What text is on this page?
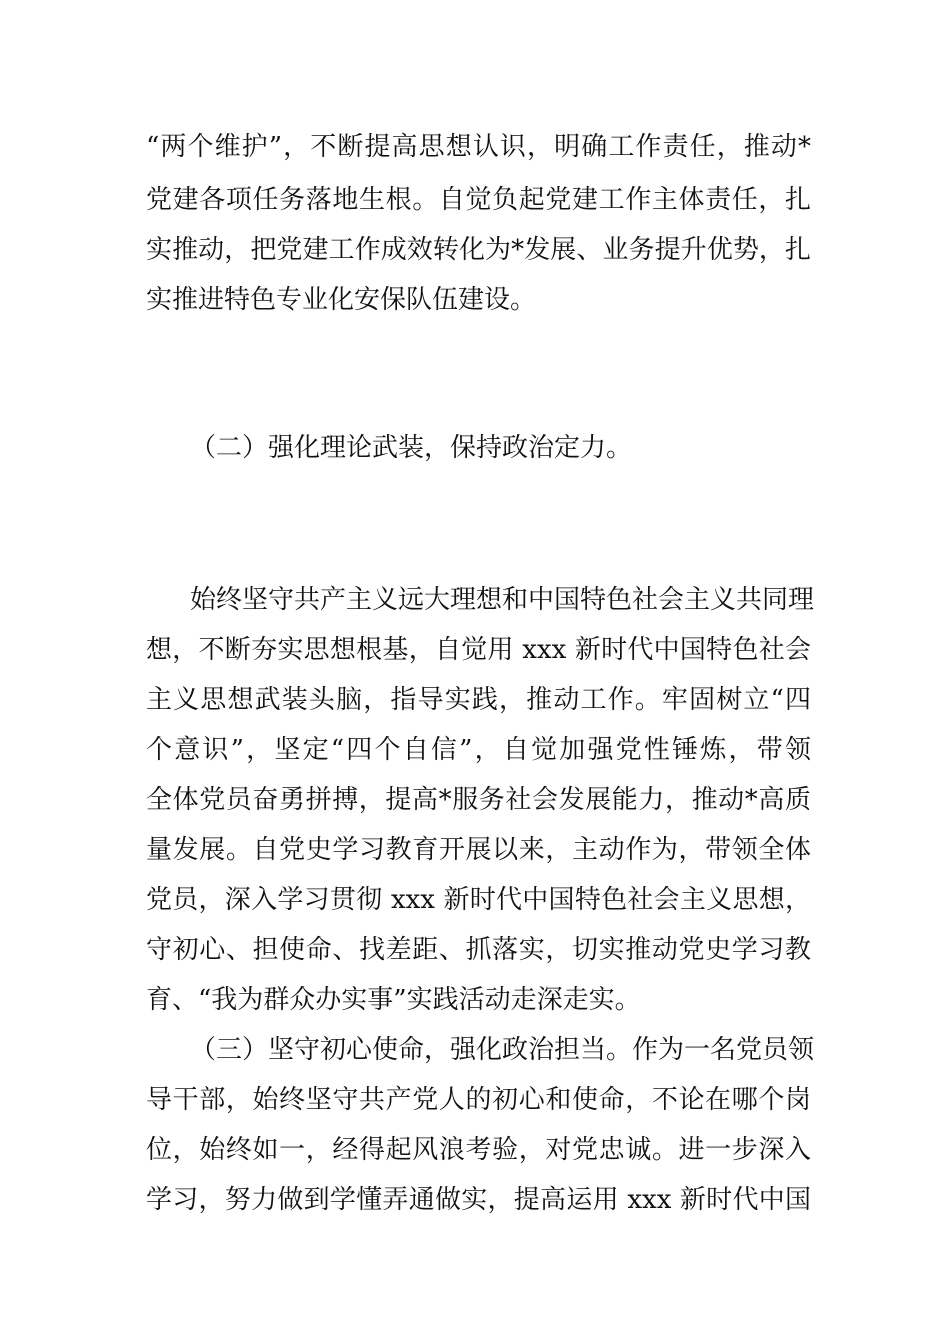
“两个维护”，不断提高思想认识，明确工作责任，推动*
党建各项任务落地生根。自觉负起党建工作主体责任，扎
实推动，把党建工作成效转化为*发展、业务提升优势，扎
实推进特色专业化安保队伍建设。
（二）强化理论武装，保持政治定力。
始终坚守共产主义远大理想和中国特色社会主义共同理
想，不断夯实思想根基，自觉用 xxx 新时代中国特色社会
主义思想武装头脑，指导实践，推动工作。牢固树立“四
个意识”，坚定“四个自信”，自觉加强党性锤炼，带领
全体党员奋勇拼搏，提高*服务社会发展能力，推动*高质
量发展。自党史学习教育开展以来，主动作为，带领全体
党员，深入学习贯彻 xxx 新时代中国特色社会主义思想，
守初心、担使命、找差距、抓落实，切实推动党史学习教
育、“我为群众办实事”实践活动走深走实。
（三）坚守初心使命，强化政治担当。作为一名党员领
导干部，始终坚守共产党人的初心和使命，不论在哪个岗
位，始终如一，经得起风浪考验，对党忠诚。进一步深入
学习，努力做到学懂弄通做实，提高运用 xxx 新时代中国
